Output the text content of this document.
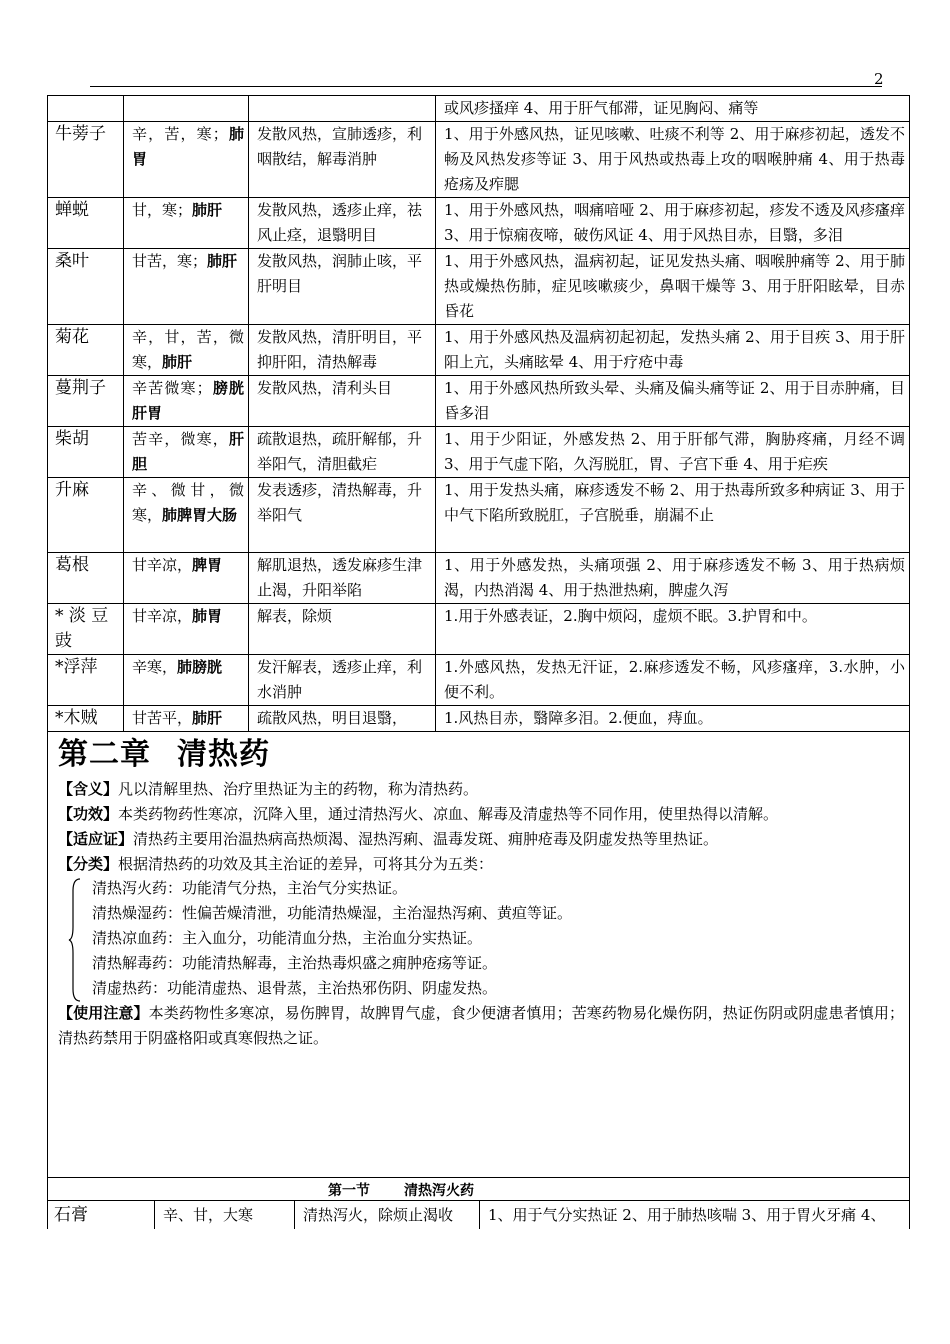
2
			或风疹搔痒 4、用于肝气郁滞，证见胸闷、痛等
牛蒡子	辛，苦，寒；肺胃	发散风热，宣肺透疹，利咽散结，解毒消肿	1、用于外感风热，证见咳嗽、吐痰不利等 2、用于麻疹初起，透发不畅及风热发疹等证 3、用于风热或热毒上攻的咽喉肿痛 4、用于热毒疮疡及痄腮
蝉蜕	甘，寒；肺肝	发散风热，透疹止痒，祛风止痉，退翳明目	1、用于外感风热，咽痛喑哑 2、用于麻疹初起，疹发不透及风疹瘙痒 3、用于惊痫夜啼，破伤风证 4、用于风热目赤，目翳，多泪
桑叶	甘苦，寒；肺肝	发散风热，润肺止咳，平肝明目	1、用于外感风热，温病初起，证见发热头痛、咽喉肿痛等 2、用于肺热或燥热伤肺，症见咳嗽痰少，鼻咽干燥等 3、用于肝阳眩晕，目赤昏花
菊花	辛，甘，苦，微寒，肺肝	发散风热，清肝明目，平抑肝阳，清热解毒	1、用于外感风热及温病初起初起，发热头痛 2、用于目疾 3、用于肝阳上亢，头痛眩晕 4、用于疗疮中毒
蔓荆子	辛苦微寒；膀胱肝胃	发散风热，清利头目	1、用于外感风热所致头晕、头痛及偏头痛等证 2、用于目赤肿痛，目昏多泪
柴胡	苦辛，微寒，肝胆	疏散退热，疏肝解郁，升举阳气，清胆截疟	1、用于少阳证，外感发热 2、用于肝郁气滞，胸胁疼痛，月经不调 3、用于气虚下陷，久泻脱肛，胃、子宫下垂 4、用于疟疾
升麻	辛、微甘，微寒，肺脾胃大肠	发表透疹，清热解毒，升举阳气	1、用于发热头痛，麻疹透发不畅 2、用于热毒所致多种病证 3、用于中气下陷所致脱肛，子宫脱垂，崩漏不止
葛根	甘辛凉，脾胃	解肌退热，透发麻疹生津止渴，升阳举陷	1、用于外感发热，头痛项强 2、用于麻疹透发不畅 3、用于热病烦渴，内热消渴 4、用于热泄热痢，脾虚久泻
* 淡 豆 豉	甘辛凉，肺胃	解表，除烦	1.用于外感表证，2.胸中烦闷，虚烦不眠。3.护胃和中。
*浮萍	辛寒，肺膀胱	发汗解表，透疹止痒，利水消肿	1.外感风热，发热无汗证，2.麻疹透发不畅，风疹瘙痒，3.水肿，小便不利。
*木贼	甘苦平，肺肝	疏散风热，明目退翳，	1.风热目赤，翳障多泪。2.便血，痔血。
第二章 清热药
【含义】凡以清解里热、治疗里热证为主的药物，称为清热药。
【功效】本类药物药性寒凉，沉降入里，通过清热泻火、凉血、解毒及清虚热等不同作用，使里热得以清解。
【适应证】清热药主要用治温热病高热烦渴、湿热泻痢、温毒发斑、痈肿疮毒及阴虚发热等里热证。
【分类】根据清热药的功效及其主治证的差异，可将其分为五类：
清热泻火药：功能清气分热，主治气分实热证。
清热燥湿药：性偏苦燥清泄，功能清热燥湿，主治湿热泻痢、黄疸等证。
清热凉血药：主入血分，功能清血分热，主治血分实热证。
清热解毒药：功能清热解毒，主治热毒炽盛之痈肿疮疡等证。
清虚热药：功能清虚热、退骨蒸，主治热邪伤阴、阴虚发热。
【使用注意】本类药物性多寒凉，易伤脾胃，故脾胃气虚，食少便溏者慎用；苦寒药物易化燥伤阴，热证伤阴或阴虚患者慎用；清热药禁用于阴盛格阳或真寒假热之证。
第一节 清热泻火药
石膏	辛、甘，大寒	清热泻火，除烦止渴收	1、用于气分实热证 2、用于肺热咳喘 3、用于胃火牙痛 4、
